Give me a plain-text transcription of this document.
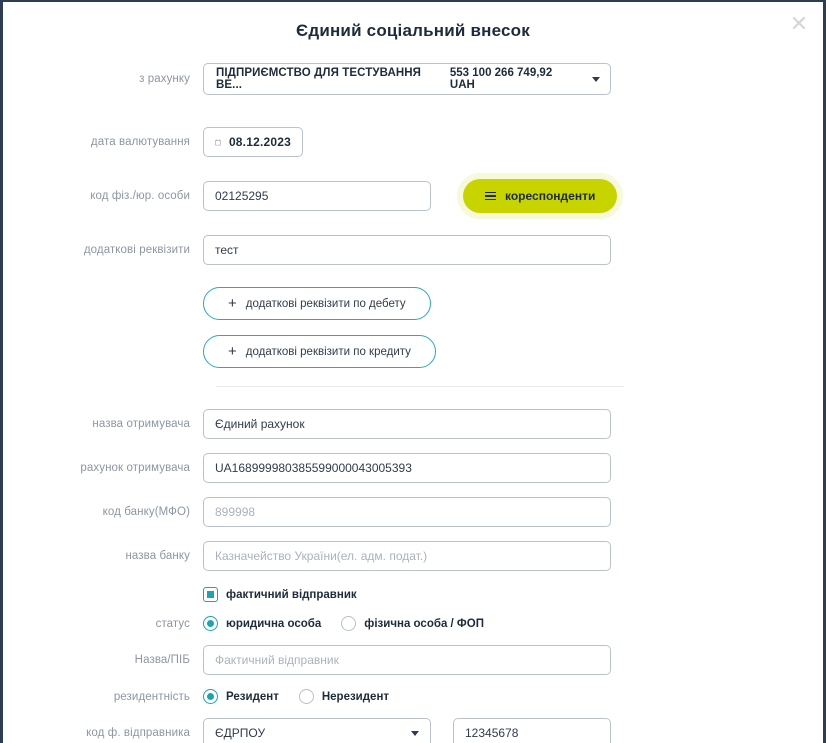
✕
Єдиний соціальний внесок
з рахунку	ПІДПРИЄМСТВО ДЛЯ ТЕСТУВАННЯ ВЕ...
553 100 266 749,92 UAH
дата валютування	08.12.2023
код фіз./юр. особи	02125295	кореспонденти
додаткові реквізити	тест
+ додаткові реквізити по дебету
+ додаткові реквізити по кредиту
назва отримувача	Єдиний рахунок
рахунок отримувача	UA168999980385599000043005393
код банку(МФО)	899998
назва банку	Казначейство України(ел. адм. подат.)
фактичний відправник
статус	юридична особа	фізична особа / ФОП
Назва/ПІБ	Фактичний відправник
резидентність	Резидент	Нерезидент
код ф. відправника	ЄДРПОУ	12345678
